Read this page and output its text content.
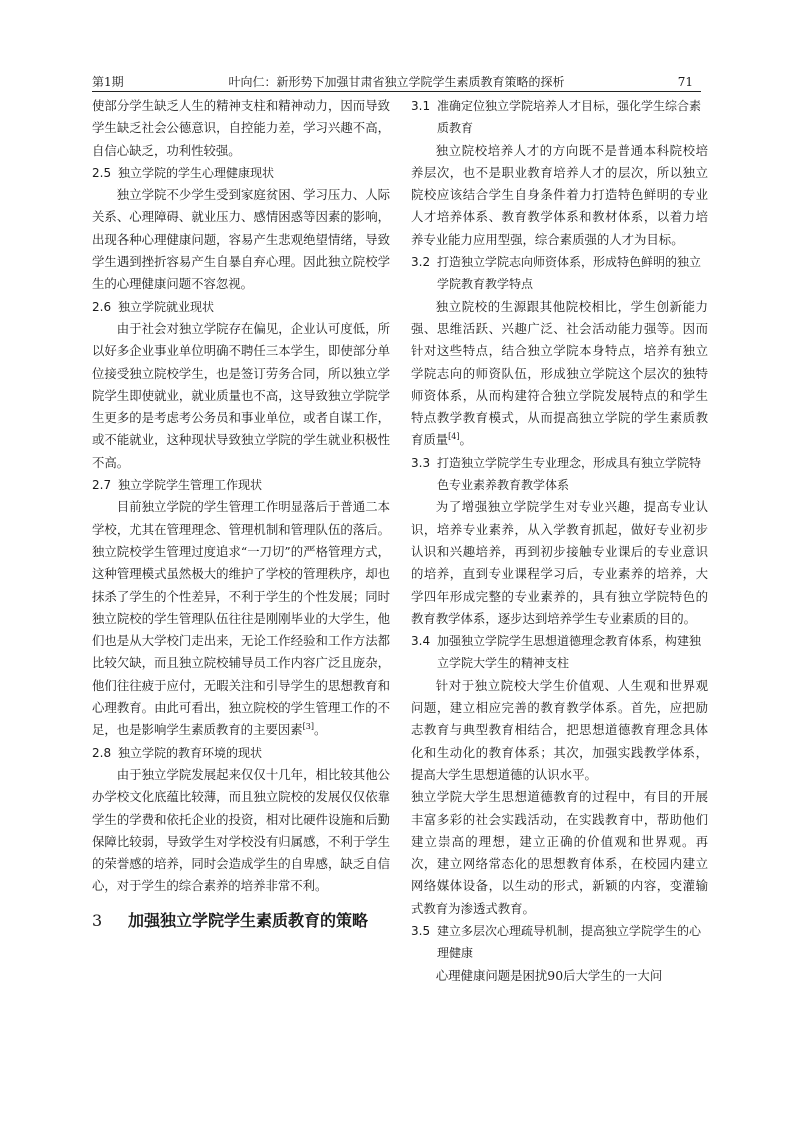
第1期	叶向仁：新形势下加强甘肃省独立学院学生素质教育策略的探析	71

使部分学生缺乏人生的精神支柱和精神动力，因而导致学生缺乏社会公德意识，自控能力差，学习兴趣不高，自信心缺乏，功利性较强。

2.5 独立学院的学生心理健康现状

独立学院不少学生受到家庭贫困、学习压力、人际关系、心理障碍、就业压力、感情困惑等因素的影响，出现各种心理健康问题，容易产生悲观绝望情绪，导致学生遇到挫折容易产生自暴自弃心理。因此独立院校学生的心理健康问题不容忽视。

2.6 独立学院就业现状

由于社会对独立学院存在偏见，企业认可度低，所以好多企业事业单位明确不聘任三本学生，即使部分单位接受独立院校学生，也是签订劳务合同，所以独立学院学生即使就业，就业质量也不高，这导致独立学院学生更多的是考虑考公务员和事业单位，或者自谋工作，或不能就业，这种现状导致独立学院的学生就业积极性不高。

2.7 独立学院学生管理工作现状

目前独立学院的学生管理工作明显落后于普通二本学校，尤其在管理理念、管理机制和管理队伍的落后。独立院校学生管理过度追求“一刀切”的严格管理方式，这种管理模式虽然极大的维护了学校的管理秩序，却也抹杀了学生的个性差异，不利于学生的个性发展；同时独立院校的学生管理队伍往往是刚刚毕业的大学生，他们也是从大学校门走出来，无论工作经验和工作方法都比较欠缺，而且独立院校辅导员工作内容广泛且庞杂，他们往往疲于应付，无暇关注和引导学生的思想教育和心理教育。由此可看出，独立院校的学生管理工作的不足，也是影响学生素质教育的主要因素[3]。

2.8 独立学院的教育环境的现状

由于独立学院发展起来仅仅十几年，相比较其他公办学校文化底蕴比较薄，而且独立院校的发展仅仅依靠学生的学费和依托企业的投资，相对比硬件设施和后勤保障比较弱，导致学生对学校没有归属感，不利于学生的荣誉感的培养，同时会造成学生的自卑感，缺乏自信心，对于学生的综合素养的培养非常不利。

3 加强独立学院学生素质教育的策略
3.1 准确定位独立学院培养人才目标，强化学生综合素质教育

独立院校培养人才的方向既不是普通本科院校培养层次，也不是职业教育培养人才的层次，所以独立院校应该结合学生自身条件着力打造特色鲜明的专业人才培养体系、教育教学体系和教材体系，以着力培养专业能力应用型强，综合素质强的人才为目标。

3.2 打造独立学院志向师资体系，形成特色鲜明的独立学院教育教学特点

独立院校的生源跟其他院校相比，学生创新能力强、思维活跃、兴趣广泛、社会活动能力强等。因而针对这些特点，结合独立学院本身特点，培养有独立学院志向的师资队伍，形成独立学院这个层次的独特师资体系，从而构建符合独立学院发展特点的和学生特点教学教育模式，从而提高独立学院的学生素质教育质量[4]。

3.3 打造独立学院学生专业理念，形成具有独立学院特色专业素养教育教学体系

为了增强独立学院学生对专业兴趣，提高专业认识，培养专业素养，从入学教育抓起，做好专业初步认识和兴趣培养，再到初步接触专业课后的专业意识的培养，直到专业课程学习后，专业素养的培养，大学四年形成完整的专业素养的，具有独立学院特色的教育教学体系，逐步达到培养学生专业素质的目的。

3.4 加强独立学院学生思想道德理念教育体系，构建独立学院大学生的精神支柱

针对于独立院校大学生价值观、人生观和世界观问题，建立相应完善的教育教学体系。首先，应把励志教育与典型教育相结合，把思想道德教育理念具体化和生动化的教育体系；其次，加强实践教学体系，提高大学生思想道德的认识水平。

独立学院大学生思想道德教育的过程中，有目的开展丰富多彩的社会实践活动，在实践教育中，帮助他们建立崇高的理想，建立正确的价值观和世界观。再次，建立网络常态化的思想教育体系，在校园内建立网络媒体设备，以生动的形式，新颖的内容，变灌输式教育为渗透式教育。

3.5 建立多层次心理疏导机制，提高独立学院学生的心理健康

心理健康问题是困扰90后大学生的一大问
